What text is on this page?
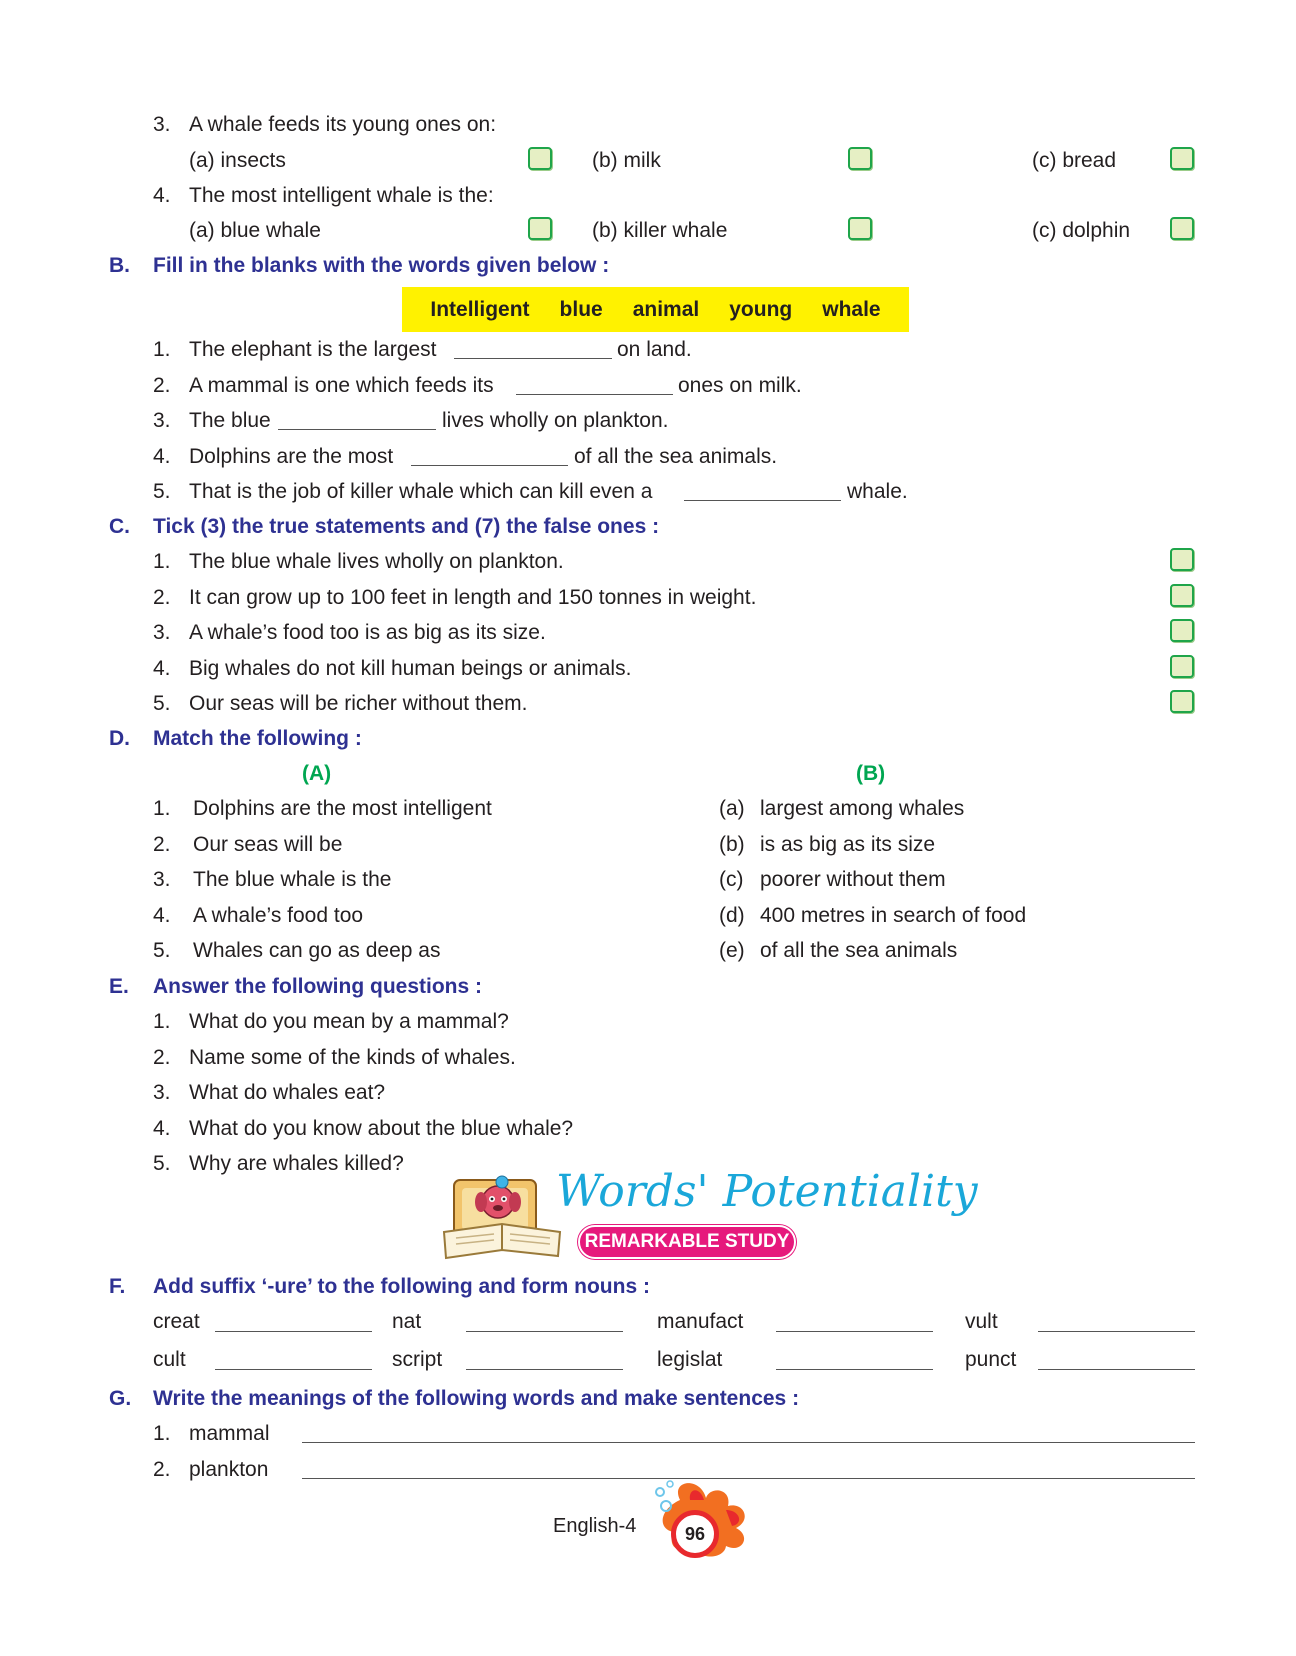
3. A whale feeds its young ones on:
(a) insects	(b) milk	(c) bread
4. The most intelligent whale is the:
(a) blue whale	(b) killer whale	(c) dolphin
B. Fill in the blanks with the words given below :
Intelligent blue animal young whale
1. The elephant is the largest	on land.
2. A mammal is one which feeds its	ones on milk.
3. The blue	lives wholly on plankton.
4. Dolphins are the most	of all the sea animals.
5. That is the job of killer whale which can kill even a	whale.
C. Tick (3) the true statements and (7) the false ones :
1. The blue whale lives wholly on plankton.
2. It can grow up to 100 feet in length and 150 tonnes in weight.
3. A whale’s food too is as big as its size.
4. Big whales do not kill human beings or animals.
5. Our seas will be richer without them.
D. Match the following :
(A)	(B)
1. Dolphins are the most intelligent	(a) largest among whales
2. Our seas will be	(b) is as big as its size
3. The blue whale is the	(c) poorer without them
4. A whale’s food too	(d) 400 metres in search of food
5. Whales can go as deep as	(e) of all the sea animals
E. Answer the following questions :
1. What do you mean by a mammal?
2. Name some of the kinds of whales.
3. What do whales eat?
4. What do you know about the blue whale?
5. Why are whales killed?
Words' Potentiality
REMARKABLE STUDY
F. Add suffix ‘-ure’ to the following and form nouns :
creat	nat	manufact	vult
cult	script	legislat	punct
G. Write the meanings of the following words and make sentences :
1. mammal
2. plankton
English-4	96
